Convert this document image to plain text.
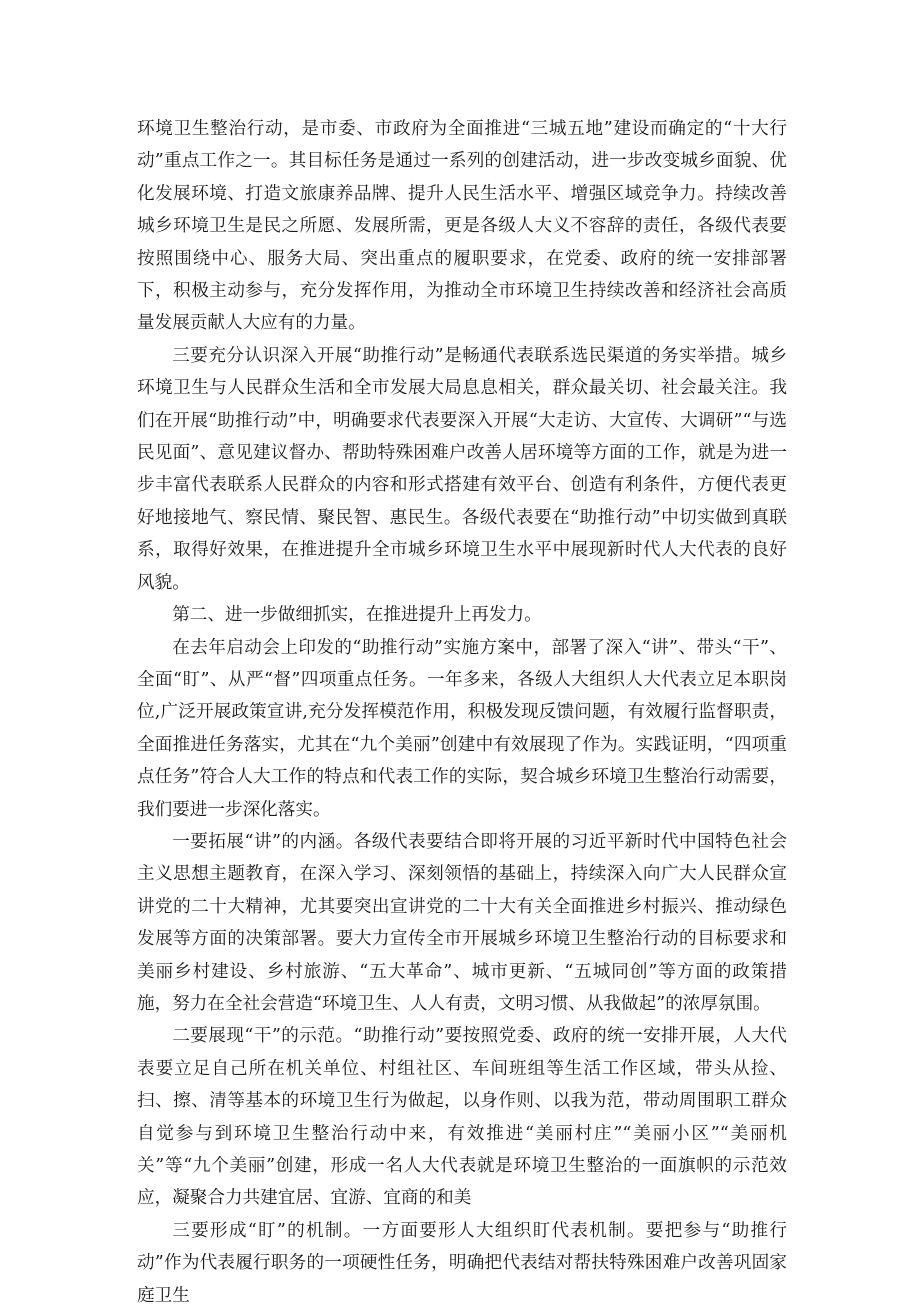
环境卫生整治行动，是市委、市政府为全面推进“三城五地”建设而确定的“十大行动”重点工作之一。其目标任务是通过一系列的创建活动，进一步改变城乡面貌、优化发展环境、打造文旅康养品牌、提升人民生活水平、增强区域竞争力。持续改善城乡环境卫生是民之所愿、发展所需，更是各级人大义不容辞的责任，各级代表要按照围绕中心、服务大局、突出重点的履职要求，在党委、政府的统一安排部署下，积极主动参与，充分发挥作用，为推动全市环境卫生持续改善和经济社会高质量发展贡献人大应有的力量。

三要充分认识深入开展“助推行动”是畅通代表联系选民渠道的务实举措。城乡环境卫生与人民群众生活和全市发展大局息息相关，群众最关切、社会最关注。我们在开展“助推行动”中，明确要求代表要深入开展“大走访、大宣传、大调研”“与选民见面”、意见建议督办、帮助特殊困难户改善人居环境等方面的工作，就是为进一步丰富代表联系人民群众的内容和形式搭建有效平台、创造有利条件，方便代表更好地接地气、察民情、聚民智、惠民生。各级代表要在“助推行动”中切实做到真联系，取得好效果，在推进提升全市城乡环境卫生水平中展现新时代人大代表的良好风貌。

第二、进一步做细抓实，在推进提升上再发力。

在去年启动会上印发的“助推行动”实施方案中，部署了深入“讲”、带头“干”、全面“盯”、从严“督”四项重点任务。一年多来，各级人大组织人大代表立足本职岗位,广泛开展政策宣讲,充分发挥模范作用，积极发现反馈问题，有效履行监督职责，全面推进任务落实，尤其在“九个美丽”创建中有效展现了作为。实践证明，“四项重点任务”符合人大工作的特点和代表工作的实际，契合城乡环境卫生整治行动需要，我们要进一步深化落实。

一要拓展“讲”的内涵。各级代表要结合即将开展的习近平新时代中国特色社会主义思想主题教育，在深入学习、深刻领悟的基础上，持续深入向广大人民群众宣讲党的二十大精神，尤其要突出宣讲党的二十大有关全面推进乡村振兴、推动绿色发展等方面的决策部署。要大力宣传全市开展城乡环境卫生整治行动的目标要求和美丽乡村建设、乡村旅游、“五大革命”、城市更新、“五城同创”等方面的政策措施，努力在全社会营造“环境卫生、人人有责，文明习惯、从我做起”的浓厚氛围。

二要展现“干”的示范。“助推行动”要按照党委、政府的统一安排开展，人大代表要立足自己所在机关单位、村组社区、车间班组等生活工作区域，带头从捡、扫、擦、清等基本的环境卫生行为做起，以身作则、以我为范，带动周围职工群众自觉参与到环境卫生整治行动中来，有效推进“美丽村庄”“美丽小区”“美丽机关”等“九个美丽”创建，形成一名人大代表就是环境卫生整治的一面旗帜的示范效应，凝聚合力共建宜居、宜游、宜商的和美

三要形成“盯”的机制。一方面要形人大组织盯代表机制。要把参与“助推行动”作为代表履行职务的一项硬性任务，明确把代表结对帮扶特殊困难户改善巩固家庭卫生
